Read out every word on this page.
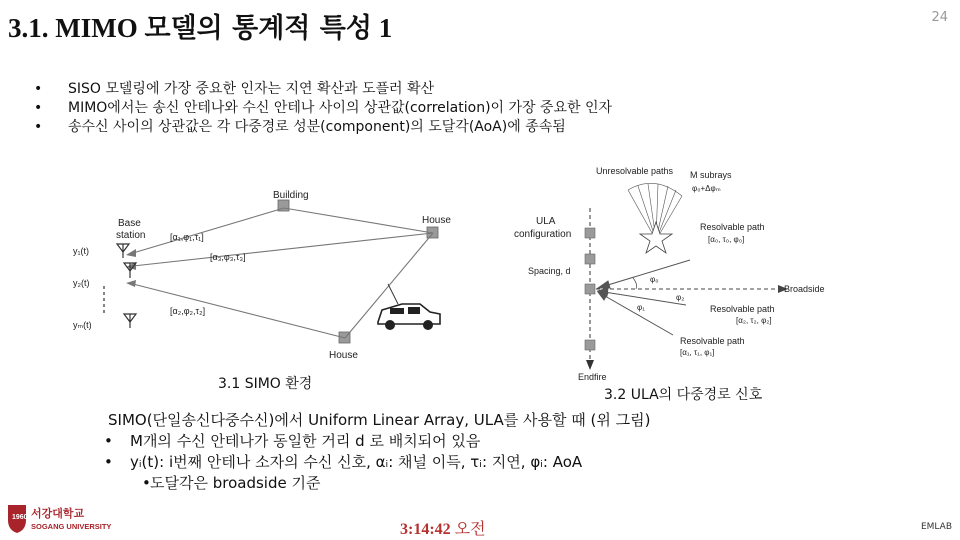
3.1. MIMO 모델의 통계적 특성 1	24
• SISO 모델링에 가장 중요한 인자는 지연 확산과 도플러 확산
• MIMO에서는 송신 안테나와 수신 안테나 사이의 상관값(correlation)이 가장 중요한 인자
• 송수신 사이의 상관값은 각 다중경로 성분(component)의 도달각(AoA)에 종속됨
Building
House
House
Base
station
y₁(t)
y₂(t)
yₘ(t)
[α₁,φ₁,τ₁]
[α₃,φ₃,τ₃]
[α₂,φ₂,τ₂]
3.1 SIMO 환경
Unresolvable paths M subrays
φ₀+Δφₘ
ULA
configuration
Spacing, d
Broadside
Resolvable path
[α₀, τ₀, φ₀]
Resolvable path
[α₂, τ₂, φ₂]
Resolvable path
[α₁, τ₁, φ₁]
Endfire
φ₀
φ₁
φ₂
3.2 ULA의 다중경로 신호
SIMO(단일송신다중수신)에서 Uniform Linear Array, ULA를 사용할 때 (위 그림)
• M개의 수신 안테나가 동일한 거리 d 로 배치되어 있음
• yᵢ(t): i번째 안테나 소자의 수신 신호, αᵢ: 채널 이득, τᵢ: 지연, φᵢ: AoA
• 도달각은 broadside 기준
1960 서강대학교
SOGANG UNIVERSITY	3:14:42 오전	EMLAB
